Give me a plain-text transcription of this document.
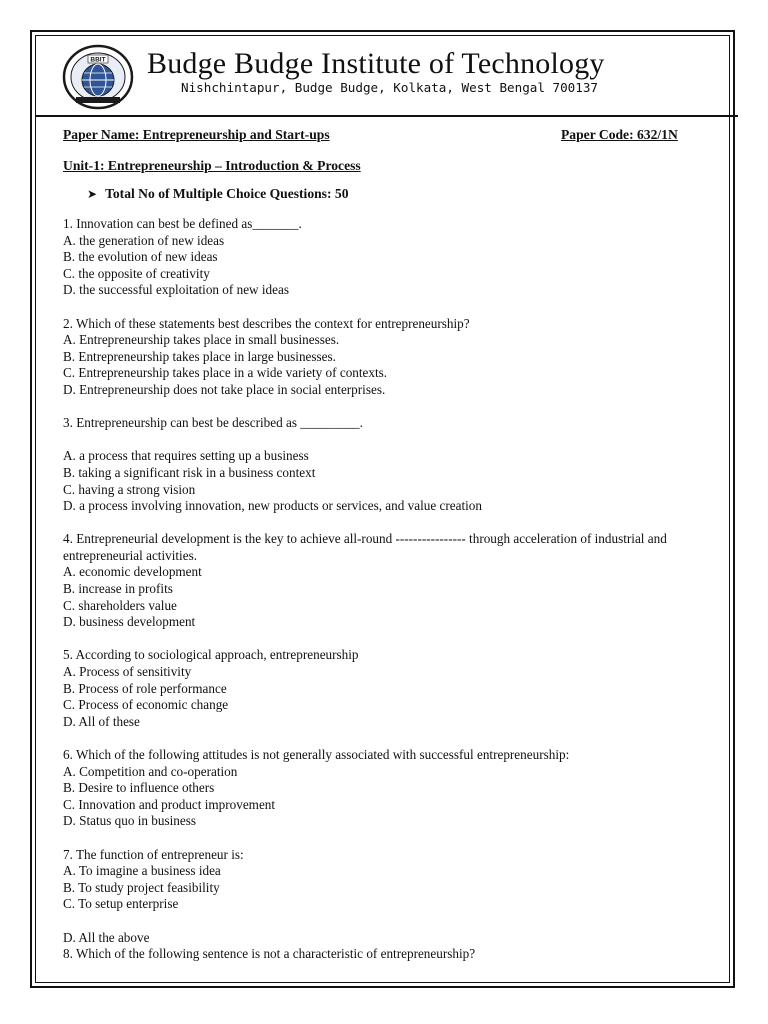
BBIT Budge Budge Institute of Technology
Nishchintapur, Budge Budge, Kolkata, West Bengal 700137
Paper Name: Entrepreneurship and Start-ups	Paper Code: 632/1N
Unit-1: Entrepreneurship – Introduction & Process
➤ Total No of Multiple Choice Questions: 50
1. Innovation can best be defined as_______.
A. the generation of new ideas
B. the evolution of new ideas
C. the opposite of creativity
D. the successful exploitation of new ideas
2. Which of these statements best describes the context for entrepreneurship?
A. Entrepreneurship takes place in small businesses.
B. Entrepreneurship takes place in large businesses.
C. Entrepreneurship takes place in a wide variety of contexts.
D. Entrepreneurship does not take place in social enterprises.
3. Entrepreneurship can best be described as _________.
A. a process that requires setting up a business
B. taking a significant risk in a business context
C. having a strong vision
D. a process involving innovation, new products or services, and value creation
4. Entrepreneurial development is the key to achieve all-round ---------------- through acceleration of industrial and entrepreneurial activities.
A. economic development
B. increase in profits
C. shareholders value
D. business development
5. According to sociological approach, entrepreneurship
A. Process of sensitivity
B. Process of role performance
C. Process of economic change
D. All of these
6. Which of the following attitudes is not generally associated with successful entrepreneurship:
A. Competition and co-operation
B. Desire to influence others
C. Innovation and product improvement
D. Status quo in business
7. The function of entrepreneur is:
A. To imagine a business idea
B. To study project feasibility
C. To setup enterprise
D. All the above
8. Which of the following sentence is not a characteristic of entrepreneurship?
